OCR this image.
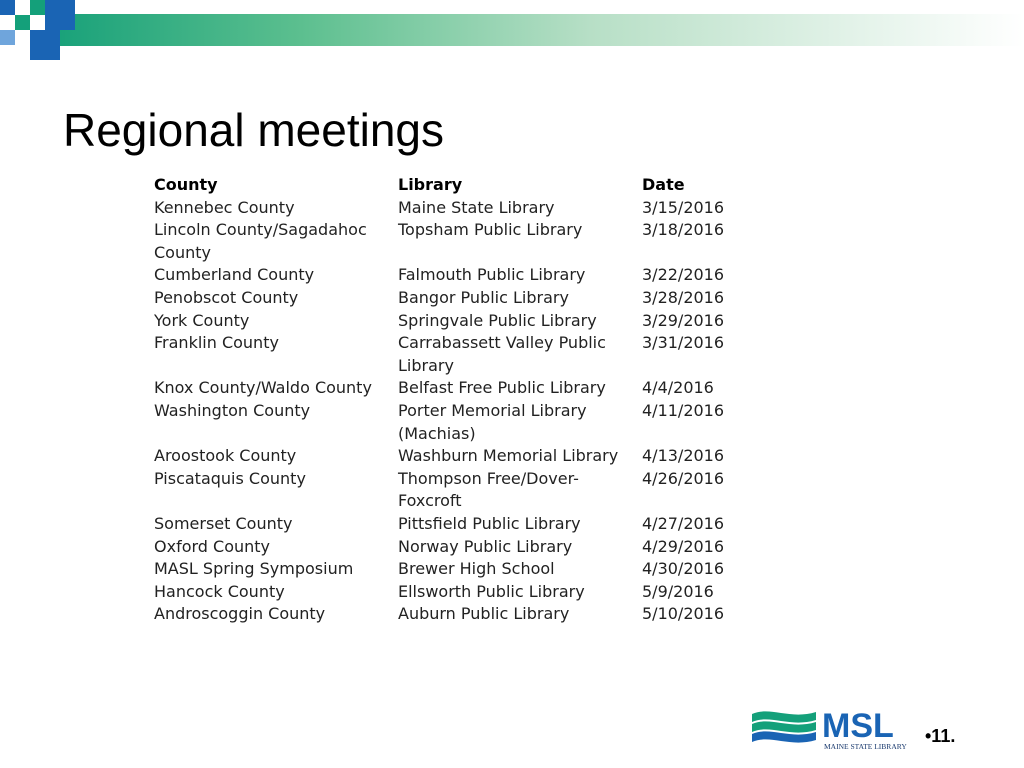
Regional meetings
County	Library	Date
Kennebec County	Maine State Library	3/15/2016
Lincoln County/Sagadahoc County	Topsham Public Library	3/18/2016
Cumberland County	Falmouth Public Library	3/22/2016
Penobscot County	Bangor Public Library	3/28/2016
York County	Springvale Public Library	3/29/2016
Franklin County	Carrabassett Valley Public Library	3/31/2016
Knox County/Waldo County	Belfast Free Public Library	4/4/2016
Washington County	Porter Memorial Library (Machias)	4/11/2016
Aroostook County	Washburn Memorial Library	4/13/2016
Piscataquis County	Thompson Free/Dover-Foxcroft	4/26/2016
Somerset County	Pittsfield Public Library	4/27/2016
Oxford County	Norway Public Library	4/29/2016
MASL Spring Symposium	Brewer High School	4/30/2016
Hancock County	Ellsworth Public Library	5/9/2016
Androscoggin County	Auburn Public Library	5/10/2016
MSL
MAINE STATE LIBRARY
•11.
